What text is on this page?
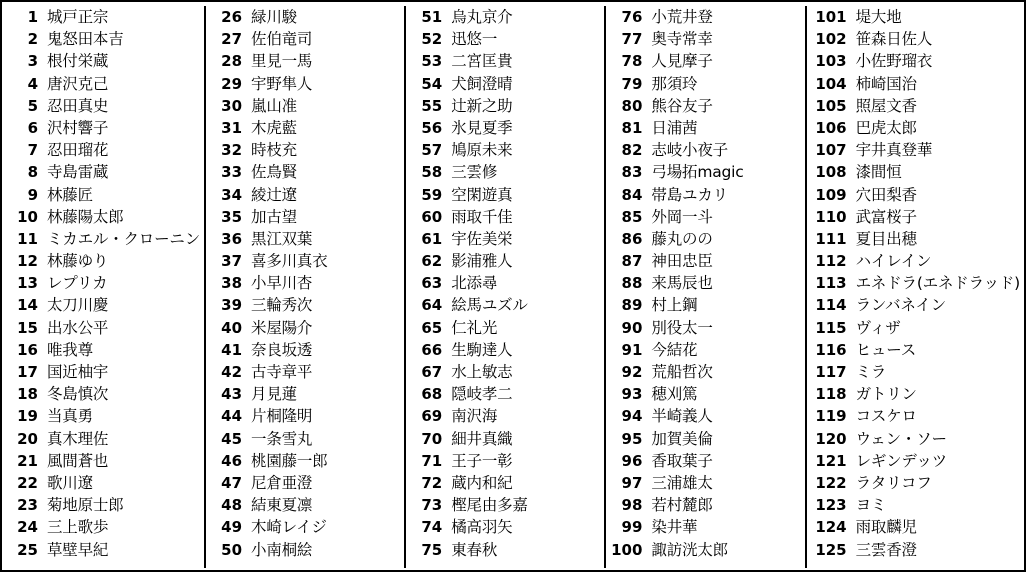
1 城戸正宗
2 鬼怒田本吉
3 根付栄蔵
4 唐沢克己
5 忍田真史
6 沢村響子
7 忍田瑠花
8 寺島雷蔵
9 林藤匠
10 林藤陽太郎
11 ミカエル・クローニン
12 林藤ゆり
13 レプリカ
14 太刀川慶
15 出水公平
16 唯我尊
17 国近柚宇
18 冬島慎次
19 当真勇
20 真木理佐
21 風間蒼也
22 歌川遼
23 菊地原士郎
24 三上歌歩
25 草壁早紀
26 緑川駿
27 佐伯竜司
28 里見一馬
29 宇野隼人
30 嵐山准
31 木虎藍
32 時枝充
33 佐鳥賢
34 綾辻遼
35 加古望
36 黒江双葉
37 喜多川真衣
38 小早川杏
39 三輪秀次
40 米屋陽介
41 奈良坂透
42 古寺章平
43 月見蓮
44 片桐隆明
45 一条雪丸
46 桃園藤一郎
47 尼倉亜澄
48 結東夏凛
49 木崎レイジ
50 小南桐絵
51 烏丸京介
52 迅悠一
53 二宮匡貴
54 犬飼澄晴
55 辻新之助
56 氷見夏季
57 鳩原未来
58 三雲修
59 空閑遊真
60 雨取千佳
61 宇佐美栄
62 影浦雅人
63 北添尋
64 絵馬ユズル
65 仁礼光
66 生駒達人
67 水上敏志
68 隠岐孝二
69 南沢海
70 細井真織
71 王子一彰
72 蔵内和紀
73 樫尾由多嘉
74 橘高羽矢
75 東春秋
76 小荒井登
77 奥寺常幸
78 人見摩子
79 那須玲
80 熊谷友子
81 日浦茜
82 志岐小夜子
83 弓場拓magic
84 帯島ユカリ
85 外岡一斗
86 藤丸のの
87 神田忠臣
88 来馬辰也
89 村上鋼
90 別役太一
91 今結花
92 荒船哲次
93 穂刈篤
94 半崎義人
95 加賀美倫
96 香取葉子
97 三浦雄太
98 若村麓郎
99 染井華
100 諏訪洸太郎
101 堤大地
102 笹森日佐人
103 小佐野瑠衣
104 柿崎国治
105 照屋文香
106 巴虎太郎
107 宇井真登華
108 漆間恒
109 穴田梨香
110 武富桜子
111 夏目出穂
112 ハイレイン
113 エネドラ(エネドラッド)
114 ランバネイン
115 ヴィザ
116 ヒュース
117 ミラ
118 ガトリン
119 コスケロ
120 ウェン・ソー
121 レギンデッツ
122 ラタリコフ
123 ヨミ
124 雨取麟児
125 三雲香澄
